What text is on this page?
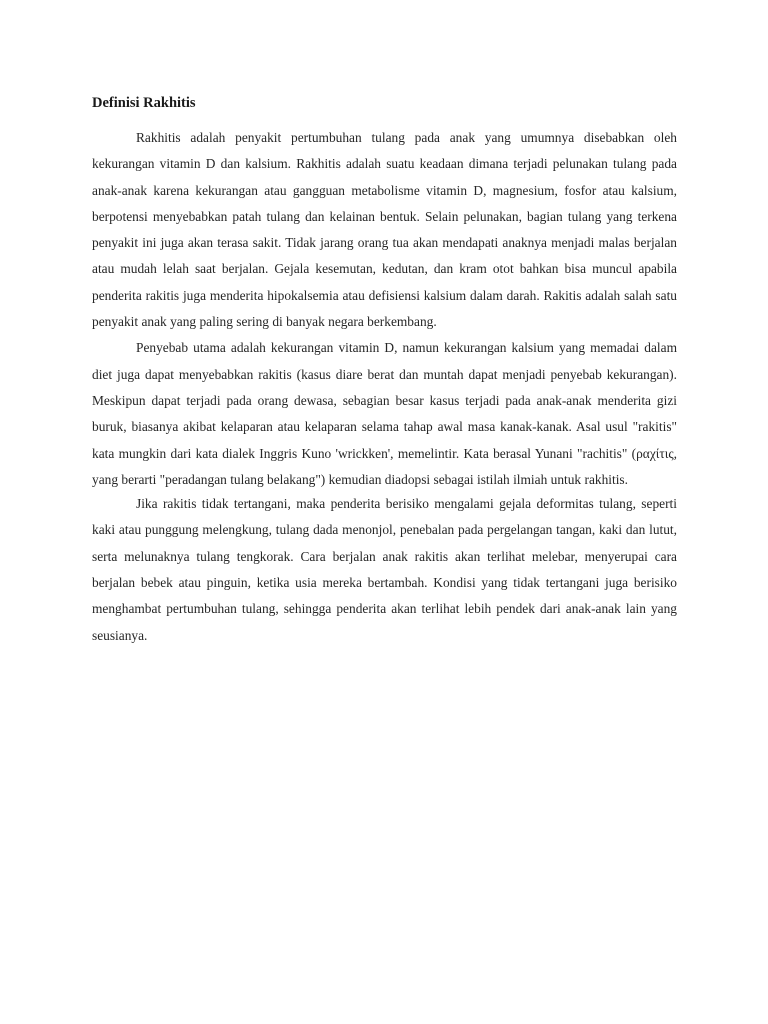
Definisi Rakhitis

Rakhitis adalah penyakit pertumbuhan tulang pada anak yang umumnya disebabkan oleh kekurangan vitamin D dan kalsium. Rakhitis adalah suatu keadaan dimana terjadi pelunakan tulang pada anak-anak karena kekurangan atau gangguan metabolisme vitamin D, magnesium, fosfor atau kalsium, berpotensi menyebabkan patah tulang dan kelainan bentuk. Selain pelunakan, bagian tulang yang terkena penyakit ini juga akan terasa sakit. Tidak jarang orang tua akan mendapati anaknya menjadi malas berjalan atau mudah lelah saat berjalan. Gejala kesemutan, kedutan, dan kram otot bahkan bisa muncul apabila penderita rakitis juga menderita hipokalsemia atau defisiensi kalsium dalam darah. Rakitis adalah salah satu penyakit anak yang paling sering di banyak negara berkembang.

Penyebab utama adalah kekurangan vitamin D, namun kekurangan kalsium yang memadai dalam diet juga dapat menyebabkan rakitis (kasus diare berat dan muntah dapat menjadi penyebab kekurangan). Meskipun dapat terjadi pada orang dewasa, sebagian besar kasus terjadi pada anak-anak menderita gizi buruk, biasanya akibat kelaparan atau kelaparan selama tahap awal masa kanak-kanak. Asal usul "rakitis" kata mungkin dari kata dialek Inggris Kuno 'wrickken', memelintir. Kata berasal Yunani "rachitis" (ραχίτις, yang berarti "peradangan tulang belakang") kemudian diadopsi sebagai istilah ilmiah untuk rakhitis.

Jika rakitis tidak tertangani, maka penderita berisiko mengalami gejala deformitas tulang, seperti kaki atau punggung melengkung, tulang dada menonjol, penebalan pada pergelangan tangan, kaki dan lutut, serta melunaknya tulang tengkorak. Cara berjalan anak rakitis akan terlihat melebar, menyerupai cara berjalan bebek atau pinguin, ketika usia mereka bertambah. Kondisi yang tidak tertangani juga berisiko menghambat pertumbuhan tulang, sehingga penderita akan terlihat lebih pendek dari anak-anak lain yang seusianya.
